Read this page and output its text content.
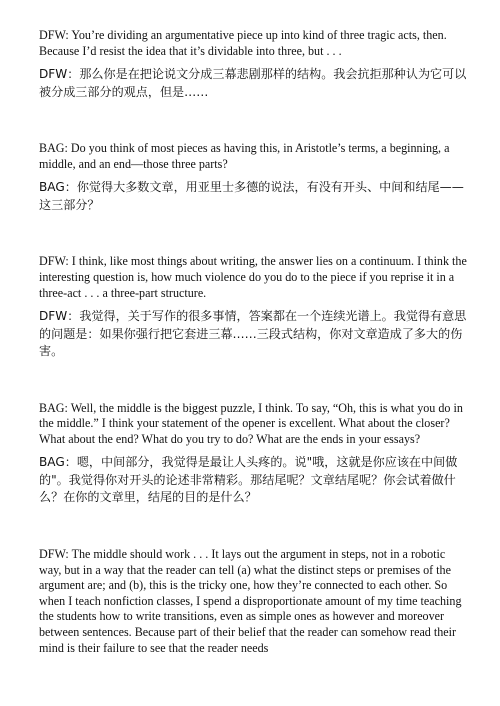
DFW: You’re dividing an argumentative piece up into kind of three tragic acts, then. Because I’d resist the idea that it’s dividable into three, but . . .

DFW：那么你是在把论说文分成三幕悲剧那样的结构。我会抗拒那种认为它可以被分成三部分的观点，但是……

BAG: Do you think of most pieces as having this, in Aristotle’s terms, a beginning, a middle, and an end—those three parts?

BAG：你觉得大多数文章，用亚里士多德的说法，有没有开头、中间和结尾——这三部分？

DFW: I think, like most things about writing, the answer lies on a continuum. I think the interesting question is, how much violence do you do to the piece if you reprise it in a three-act . . . a three-part structure.

DFW：我觉得，关于写作的很多事情，答案都在一个连续光谱上。我觉得有意思的问题是：如果你强行把它套进三幕……三段式结构，你对文章造成了多大的伤害。

BAG: Well, the middle is the biggest puzzle, I think. To say, “Oh, this is what you do in the middle.” I think your statement of the opener is excellent. What about the closer? What about the end? What do you try to do? What are the ends in your essays?

BAG：嗯，中间部分，我觉得是最让人头疼的。说"哦，这就是你应该在中间做的"。我觉得你对开头的论述非常精彩。那结尾呢？文章结尾呢？你会试着做什么？在你的文章里，结尾的目的是什么？

DFW: The middle should work . . . It lays out the argument in steps, not in a robotic way, but in a way that the reader can tell (a) what the distinct steps or premises of the argument are; and (b), this is the tricky one, how they’re connected to each other. So when I teach nonfiction classes, I spend a disproportionate amount of my time teaching the students how to write transitions, even as simple ones as however and moreover between sentences. Because part of their belief that the reader can somehow read their mind is their failure to see that the reader needs
